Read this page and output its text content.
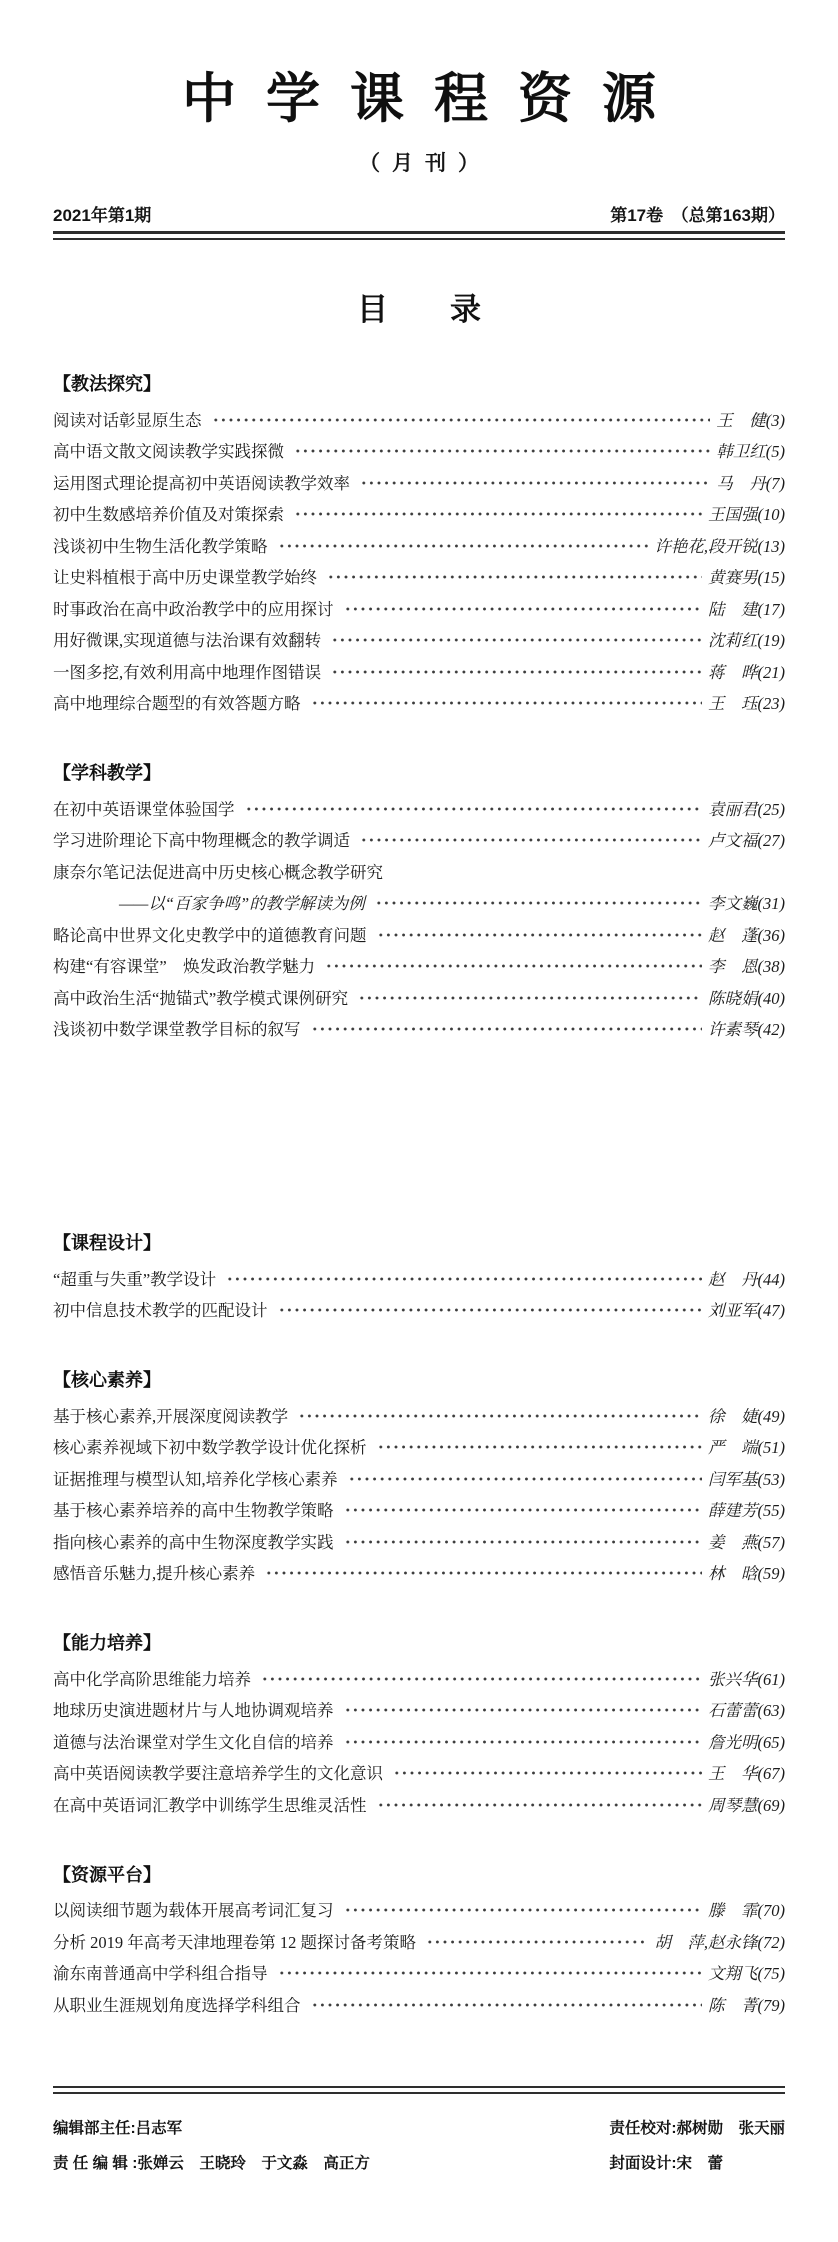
中学课程资源
（月刊）
2021年第1期	第17卷　（总第163期）
目　　录
【教法探究】
阅读对话彰显原生态	王　健(3)
高中语文散文阅读教学实践探微	韩卫红(5)
运用图式理论提高初中英语阅读教学效率	马　丹(7)
初中生数感培养价值及对策探索	王国强(10)
浅谈初中生物生活化教学策略	许艳花,段开锐(13)
让史料植根于高中历史课堂教学始终	黄赛男(15)
时事政治在高中政治教学中的应用探讨	陆　建(17)
用好微课,实现道德与法治课有效翻转	沈莉红(19)
一图多挖,有效利用高中地理作图错误	蒋　晔(21)
高中地理综合题型的有效答题方略	王　珏(23)
【学科教学】
在初中英语课堂体验国学	袁丽君(25)
学习进阶理论下高中物理概念的教学调适	卢文福(27)
康奈尔笔记法促进高中历史核心概念教学研究
——以“百家争鸣”的教学解读为例	李文巍(31)
略论高中世界文化史教学中的道德教育问题	赵　蓬(36)
构建“有容课堂”　焕发政治教学魅力	李　恩(38)
高中政治生活“抛锚式”教学模式课例研究	陈晓娟(40)
浅谈初中数学课堂教学目标的叙写	许素琴(42)
【课程设计】
“超重与失重”教学设计	赵　丹(44)
初中信息技术教学的匹配设计	刘亚军(47)
【核心素养】
基于核心素养,开展深度阅读教学	徐　婕(49)
核心素养视域下初中数学教学设计优化探析	严　端(51)
证据推理与模型认知,培养化学核心素养	闫军基(53)
基于核心素养培养的高中生物教学策略	薛建芳(55)
指向核心素养的高中生物深度教学实践	姜　燕(57)
感悟音乐魅力,提升核心素养	林　晗(59)
【能力培养】
高中化学高阶思维能力培养	张兴华(61)
地球历史演进题材片与人地协调观培养	石蕾蕾(63)
道德与法治课堂对学生文化自信的培养	詹光明(65)
高中英语阅读教学要注意培养学生的文化意识	王　华(67)
在高中英语词汇教学中训练学生思维灵活性	周琴慧(69)
【资源平台】
以阅读细节题为载体开展高考词汇复习	滕　霏(70)
分析 2019 年高考天津地理卷第 12 题探讨备考策略	胡　萍,赵永锋(72)
渝东南普通高中学科组合指导	文翔飞(75)
从职业生涯规划角度选择学科组合	陈　菁(79)
编辑部主任:吕志军
责 任 编 辑 :张婵云　王晓玲　于文淼　高正方
责任校对:郝树勋　张天丽
封面设计:宋　蕾
